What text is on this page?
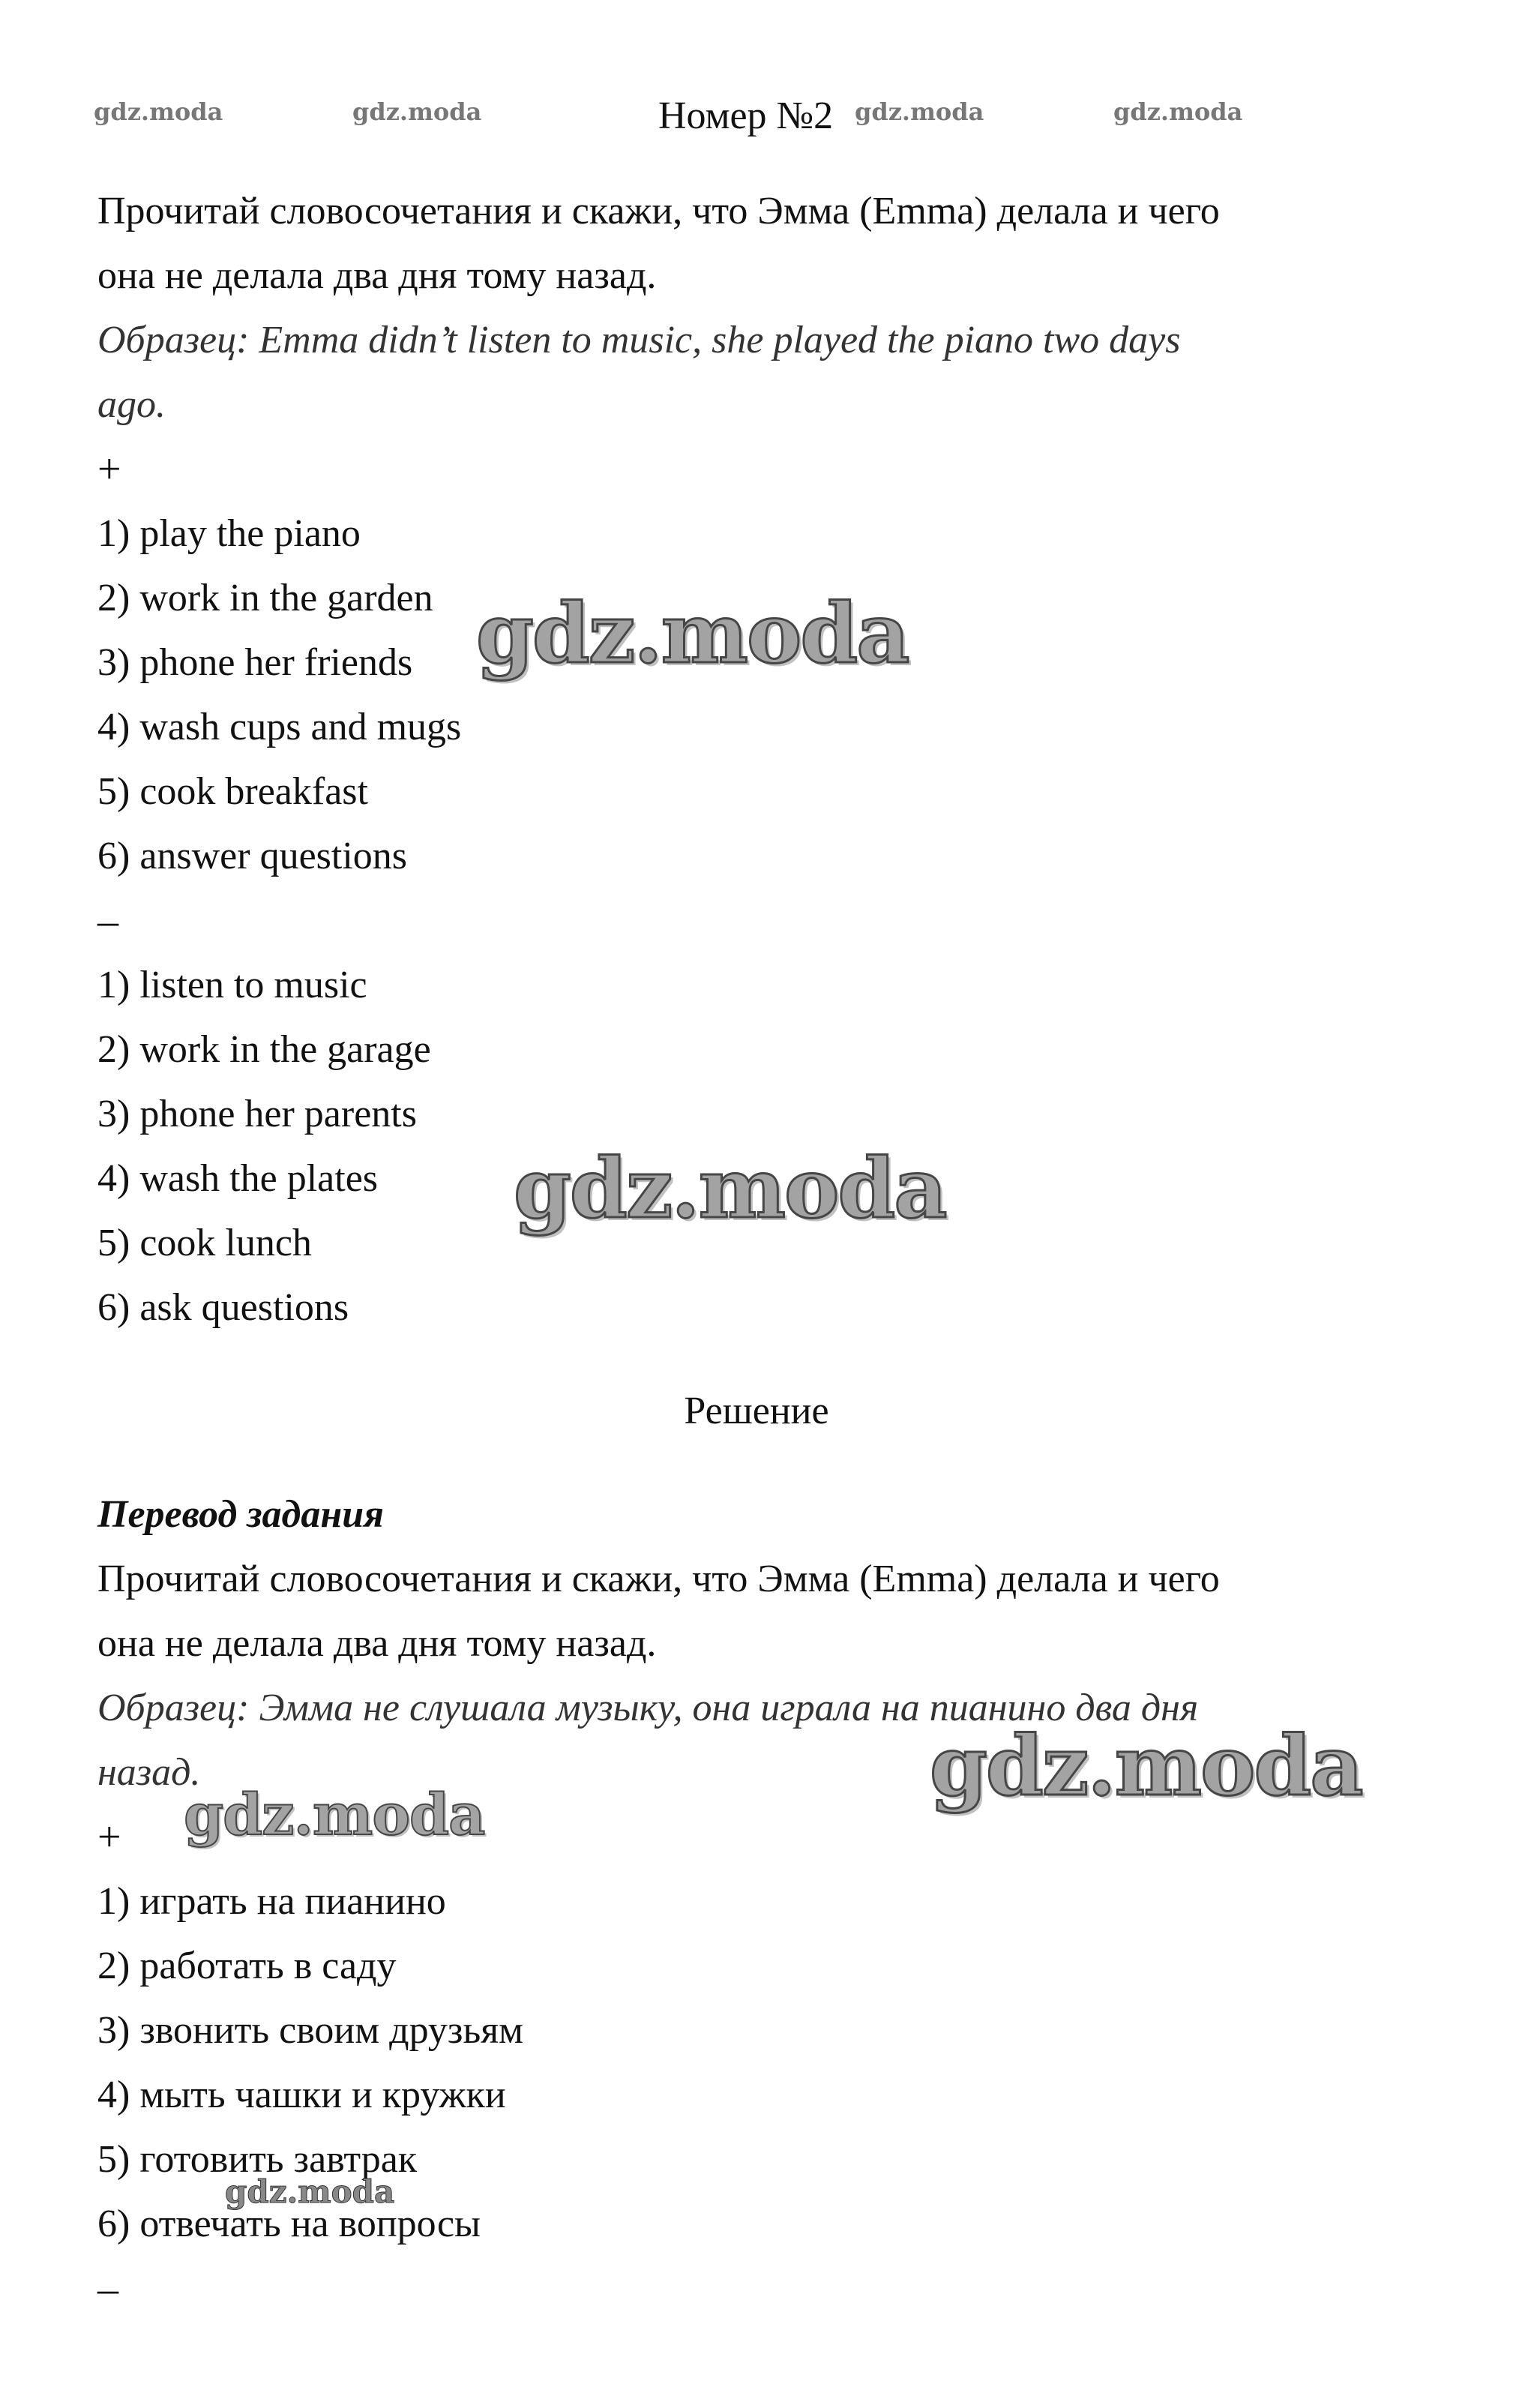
gdz.moda	gdz.moda	gdz.moda	gdz.moda
Номер №2
Прочитай словосочетания и скажи, что Эмма (Emma) делала и чего
она не делала два дня тому назад.
Образец: Emma didn’t listen to music, she played the piano two days
ago.
+
1) play the piano
2) work in the garden
3) phone her friends
4) wash cups and mugs
5) cook breakfast
6) answer questions
–
1) listen to music
2) work in the garage
3) phone her parents
4) wash the plates
5) cook lunch
6) ask questions
Решение
Перевод задания
Прочитай словосочетания и скажи, что Эмма (Emma) делала и чего
она не делала два дня тому назад.
Образец: Эмма не слушала музыку, она играла на пианино два дня
назад.
+
1) играть на пианино
2) работать в саду
3) звонить своим друзьям
4) мыть чашки и кружки
5) готовить завтрак
6) отвечать на вопросы
–
gdz.moda
gdz.moda
gdz.moda
gdz.moda
gdz.moda
